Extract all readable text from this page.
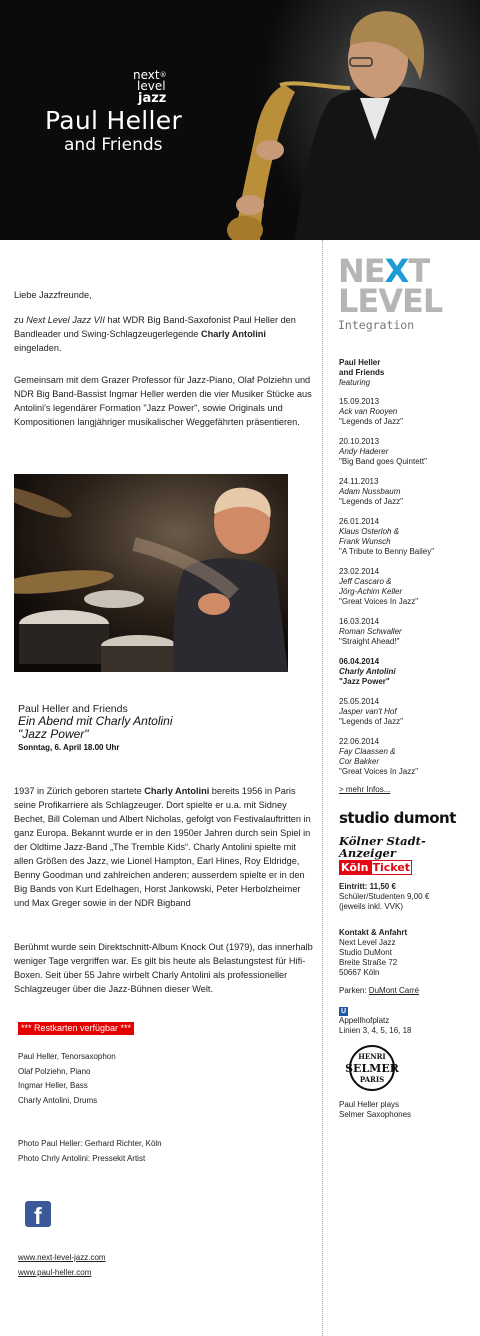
next®
level
jazz
Paul Heller
and Friends

Liebe Jazzfreunde,

zu Next Level Jazz VII hat WDR Big Band-Saxofonist Paul Heller den Bandleader und Swing-Schlagzeugerlegende Charly Antolini eingeladen.

Gemeinsam mit dem Grazer Professor für Jazz-Piano, Olaf Polziehn und NDR Big Band-Bassist Ingmar Heller werden die vier Musiker Stücke aus Antolini's legendärer Formation "Jazz Power", sowie Originals und Kompositionen langjähriger musikalischer Weggefährten präsentieren.

Paul Heller and Friends
Ein Abend mit Charly Antolini
"Jazz Power"
Sonntag, 6. April 18.00 Uhr

1937 in Zürich geboren startete Charly Antolini bereits 1956 in Paris seine Profikarriere als Schlagzeuger. Dort spielte er u.a. mit Sidney Bechet, Bill Coleman und Albert Nicholas, gefolgt von Festivalauftritten in ganz Europa. Bekannt wurde er in den 1950er Jahren durch sein Spiel in der Oldtime Jazz-Band „The Tremble Kids“. Charly Antolini spielte mit allen Größen des Jazz, wie Lionel Hampton, Earl Hines, Roy Eldridge, Benny Goodman und zahlreichen anderen; ausserdem spielte er in den Big Bands von Kurt Edelhagen, Horst Jankowski, Peter Herbolzheimer und Max Greger sowie in der NDR Bigband

Berühmt wurde sein Direktschnitt-Album Knock Out (1979), das innerhalb weniger Tage vergriffen war. Es gilt bis heute als Belastungstest für Hifi-Boxen. Seit über 55 Jahre wirbelt Charly Antolini als professioneller Schlagzeuger über die Jazz-Bühnen dieser Welt.

*** Restkarten verfügbar ***
Paul Heller, Tenorsaxophon
Olaf Polziehn, Piano
Ingmar Heller, Bass
Charly Antolini, Drums
Photo Paul Heller: Gerhard Richter, Köln
Photo Chrly Antolini: Pressekit Artist
f
www.next-level-jazz.com
www.paul-heller.com
NEXT
LEVEL
Integration
Paul Heller
and Friends
featuring
15.09.2013
Ack van Rooyen
"Legends of Jazz"
20.10.2013
Andy Haderer
"Big Band goes Quintett"
24.11.2013
Adam Nussbaum
"Legends of Jazz"
26.01.2014
Klaus Osterloh &
Frank Wunsch
"A Tribute to Benny Bailey"
23.02.2014
Jeff Cascaro &
Jörg-Achim Keller
"Great Voices In Jazz"
16.03.2014
Roman Schwaller
"Straight Ahead!"
06.04.2014
Charly Antolini
"Jazz Power"
25.05.2014
Jasper van't Hof
"Legends of Jazz"
22.06.2014
Fay Claassen &
Cor Bakker
"Great Voices In Jazz"
> mehr Infos...
studio dumont
Kölner Stadt-Anzeiger
Köln Ticket
Eintritt: 11,50 €
Schüler/Studenten 9,00 €
(jeweils inkl. VVK)
Kontakt & Anfahrt
Next Level Jazz
Studio DuMont
Breite Straße 72
50667 Köln
Parken: DuMont Carré
U
Appellhofplatz
Linien 3, 4, 5, 16, 18
HENRI
SELMER
PARIS
Paul Heller plays
Selmer Saxophones
